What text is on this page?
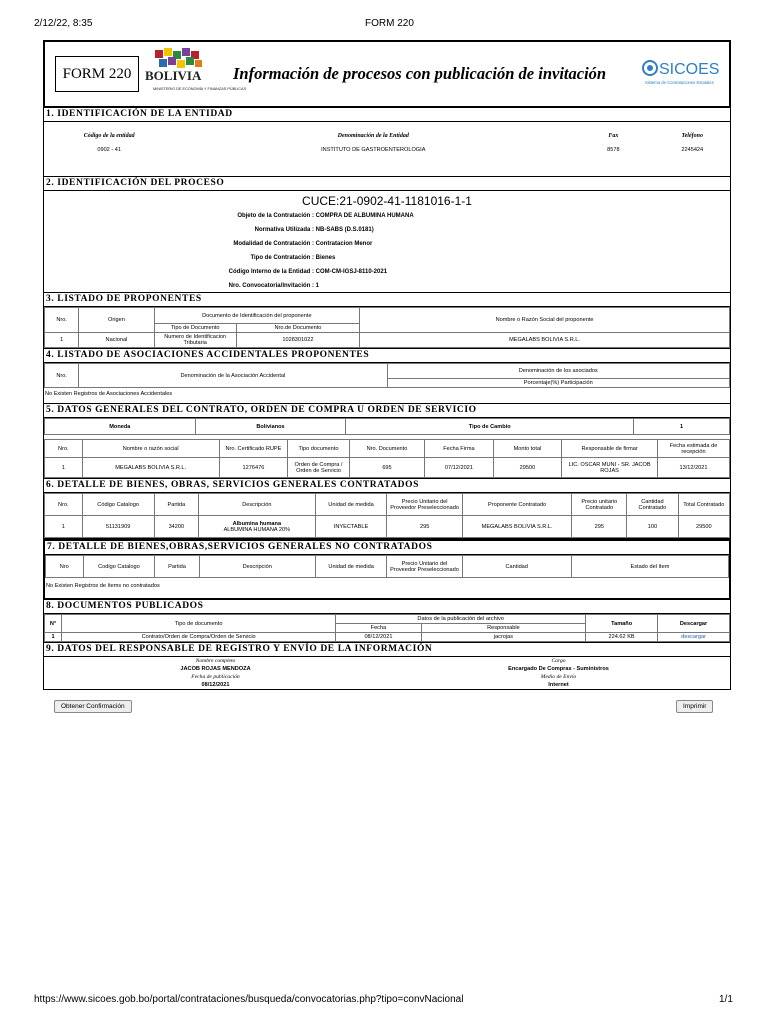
2/12/22, 8:35	FORM 220
FORM 220	BOLIVIA
MINISTERIO DE ECONOMÍA Y FINANZAS PÚBLICAS
Información de procesos con publicación de invitación	SICOES
Sistema de Contrataciones Estatales
1. IDENTIFICACIÓN DE LA ENTIDAD
Código de la entidad	Denominación de la Entidad	Fax	Teléfono

0902 - 41	INSTITUTO DE GASTROENTEROLOGIA	8578	2245424
2. IDENTIFICACIÓN DEL PROCESO
CUCE:21-0902-41-1181016-1-1
Objeto de la Contratación : COMPRA DE ALBUMINA HUMANA
Normativa Utilizada : NB-SABS (D.S.0181)
Modalidad de Contratación : Contratacion Menor
Tipo de Contratación : Bienes
Código Interno de la Entidad : COM-CM-IGSJ-8110-2021
Nro. Convocatoria/Invitación : 1
3. LISTADO DE PROPONENTES
Nro.	Origen	Documento de Identificación del proponente		Nombre o Razón Social del proponente
		Tipo de Documento	Nro.de Documento	
1	Nacional	Numero de Identificacion Tributaria	1028301022	MEGALABS BOLIVIA S.R.L.
4. LISTADO DE ASOCIACIONES ACCIDENTALES PROPONENTES
Nro.	Denominación de la Asociación Accidental	Denominación de los asociados
Porcentaje(%) Participación
No Existen Registros de Asociaciones Accidentales
5. DATOS GENERALES DEL CONTRATO, ORDEN DE COMPRA U ORDEN DE SERVICIO
Moneda	Bolivianos	Tipo de Cambio	1
Nro.	Nombre o razón social	Nro. Certificado RUPE	Tipo documento	Nro. Documento	Fecha Firma	Monto total	Responsable de firmar	Fecha estimada de recepción
1	MEGALABS BOLIVIA S.R.L.	1276476	Orden de Compra / Orden de Servicio	695	07/12/2021	29500	LIC. OSCAR MUNI - SR. JACOB ROJAS	13/12/2021
6. DETALLE DE BIENES, OBRAS, SERVICIOS GENERALES CONTRATADOS
Nro.	Código Catalogo	Partida	Descripción	Unidad de medida	Precio Unitario del Proveedor Preseleccionado	Proponente Contratado	Precio unitario Contratado	Cantidad Contratado	Total Contratado
1	51131909	34200	Albumina humana
ALBUMINA HUMANA 20%	INYECTABLE	295	MEGALABS BOLIVIA S.R.L.	295	100	29500
7. DETALLE DE BIENES,OBRAS,SERVICIOS GENERALES NO CONTRATADOS
Nro	Codigo Catalogo	Partida	Descripción	Unidad de medida	Precio Unitario del Proveedor Preseleccionado	Cantidad	Estado del ítem
No Existen Registros de ítems no contratados
8. DOCUMENTOS PUBLICADOS
N°	Tipo de documento	Datos de la publicación del archivo		Tamaño	Descargar
		Fecha	Responsable		
1	Contrato/Orden de Compra/Orden de Servicio	08/12/2021	jacrojas	224.62 KB	descargar
9. DATOS DEL RESPONSABLE DE REGISTRO Y ENVÍO DE LA INFORMACIÓN
Nombre completo	Cargo
JACOB ROJAS MENDOZA	Encargado De Compras - Suministros
Fecha de publicación	Medio de Envío
08/12/2021	Internet
Obtener Confirmación	Imprimir
https://www.sicoes.gob.bo/portal/contrataciones/busqueda/convocatorias.php?tipo=convNacional	1/1
